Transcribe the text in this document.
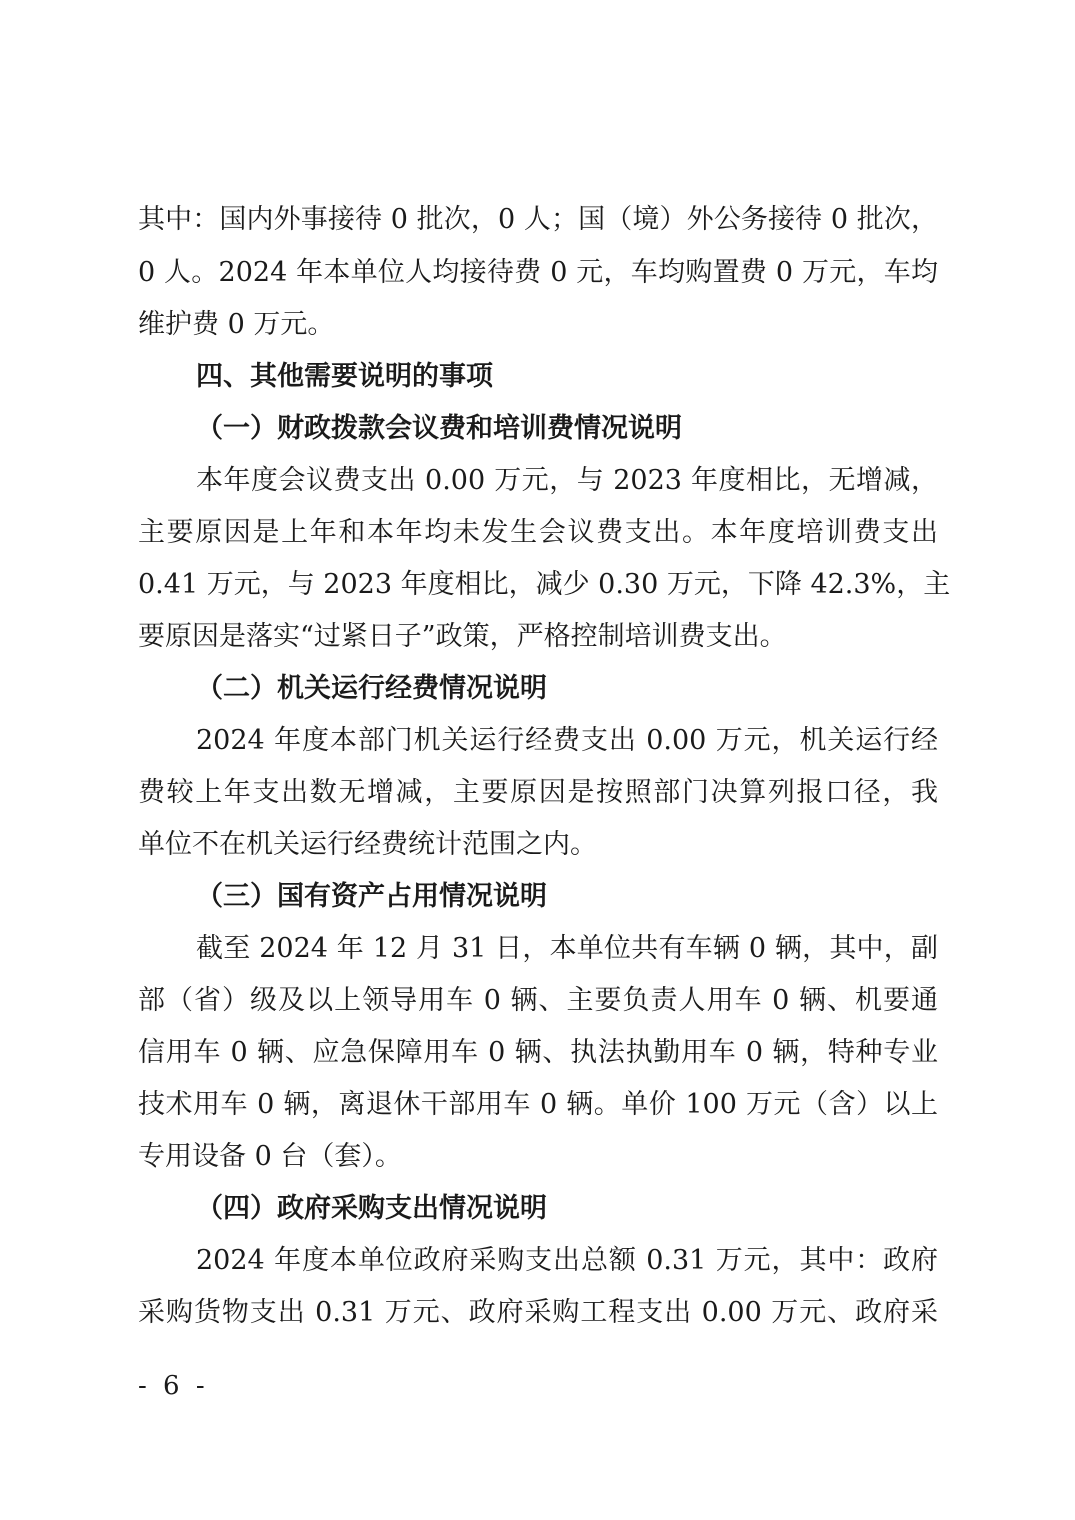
其中：国内外事接待 0 批次，0 人；国（境）外公务接待 0 批次，
0 人。2024 年本单位人均接待费 0 元，车均购置费 0 万元，车均
维护费 0 万元。
四、其他需要说明的事项
（一）财政拨款会议费和培训费情况说明
本年度会议费支出 0.00 万元，与 2023 年度相比，无增减，
主要原因是上年和本年均未发生会议费支出。本年度培训费支出
0.41 万元，与 2023 年度相比，减少 0.30 万元，下降 42.3%，主
要原因是落实“过紧日子”政策，严格控制培训费支出。
（二）机关运行经费情况说明
2024 年度本部门机关运行经费支出 0.00 万元，机关运行经
费较上年支出数无增减，主要原因是按照部门决算列报口径，我
单位不在机关运行经费统计范围之内。
（三）国有资产占用情况说明
截至 2024 年 12 月 31 日，本单位共有车辆 0 辆，其中，副
部（省）级及以上领导用车 0 辆、主要负责人用车 0 辆、机要通
信用车 0 辆、应急保障用车 0 辆、执法执勤用车 0 辆，特种专业
技术用车 0 辆，离退休干部用车 0 辆。单价 100 万元（含）以上
专用设备 0 台（套）。
（四）政府采购支出情况说明
2024 年度本单位政府采购支出总额 0.31 万元，其中：政府
采购货物支出 0.31 万元、政府采购工程支出 0.00 万元、政府采
- 6 -
